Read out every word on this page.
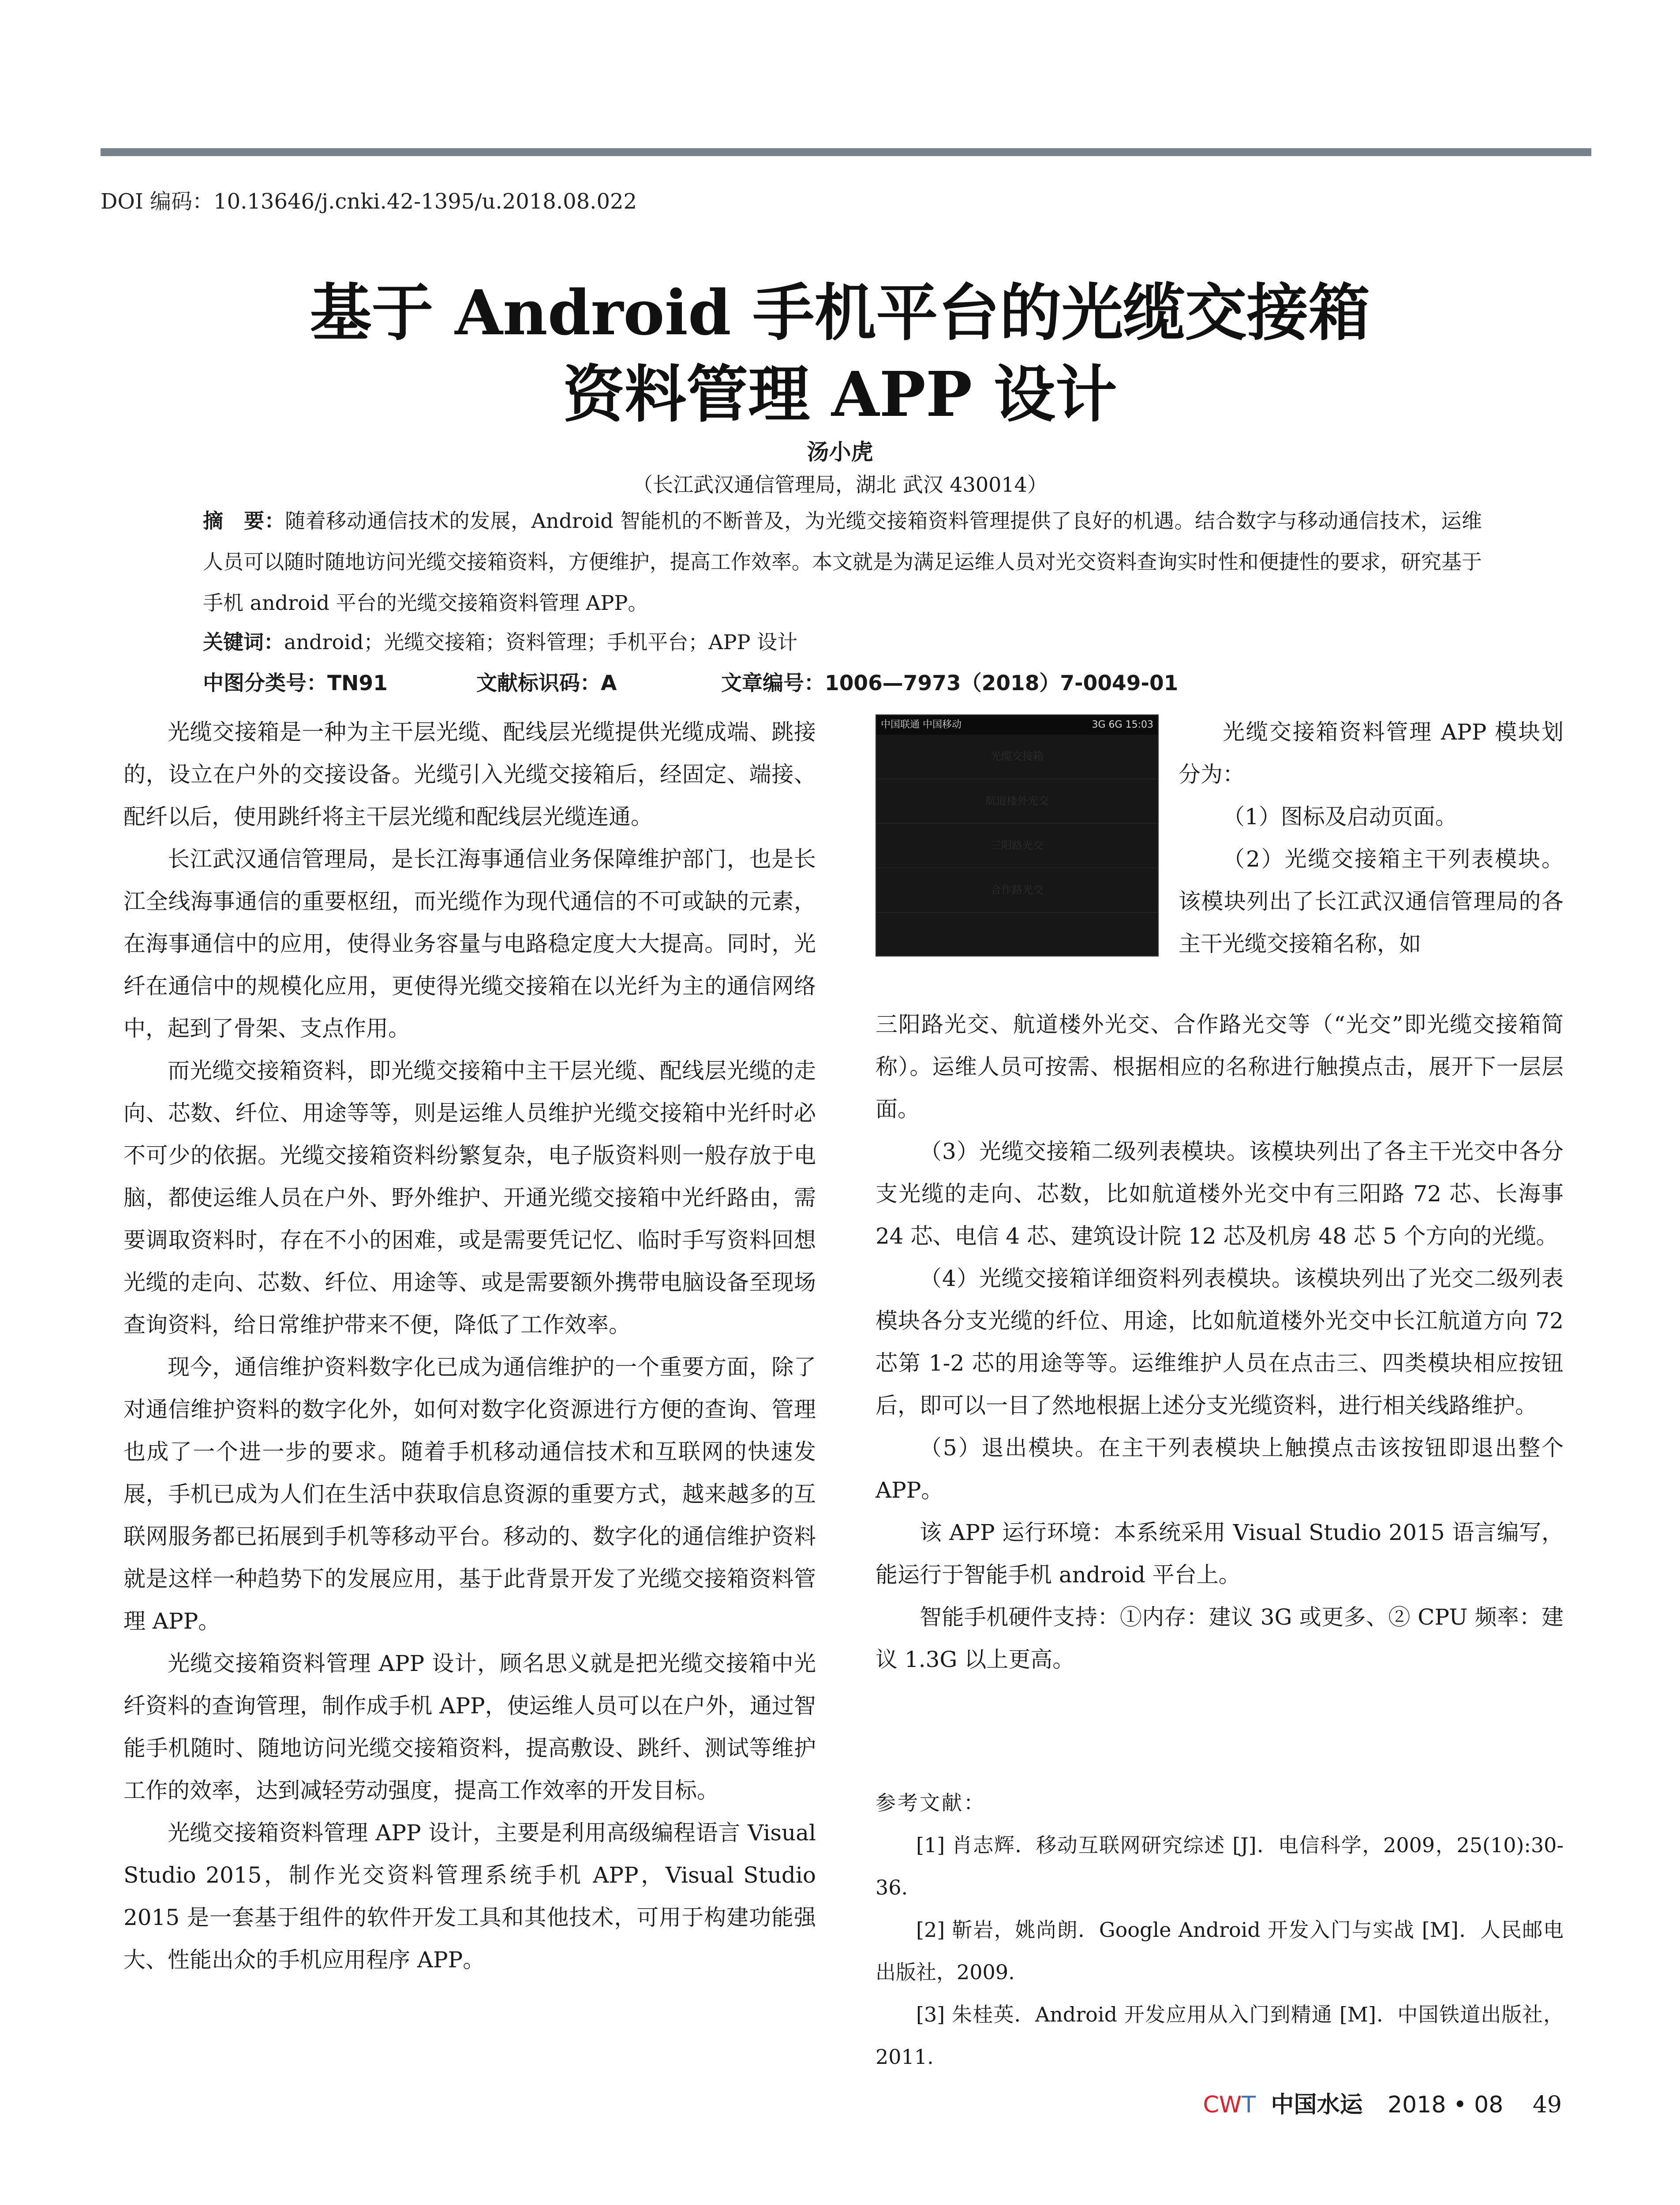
DOI 编码：10.13646/j.cnki.42-1395/u.2018.08.022
基于 Android 手机平台的光缆交接箱
资料管理 APP 设计
汤小虎
（长江武汉通信管理局，湖北 武汉 430014）
摘　要：随着移动通信技术的发展，Android 智能机的不断普及，为光缆交接箱资料管理提供了良好的机遇。结合数字与移动通信技术，运维人员可以随时随地访问光缆交接箱资料，方便维护，提高工作效率。本文就是为满足运维人员对光交资料查询实时性和便捷性的要求，研究基于手机 android 平台的光缆交接箱资料管理 APP。
关键词：android；光缆交接箱；资料管理；手机平台；APP 设计
中图分类号：TN91	文献标识码：A	文章编号：1006—7973（2018）7-0049-01

光缆交接箱是一种为主干层光缆、配线层光缆提供光缆成端、跳接的，设立在户外的交接设备。光缆引入光缆交接箱后，经固定、端接、配纤以后，使用跳纤将主干层光缆和配线层光缆连通。

长江武汉通信管理局，是长江海事通信业务保障维护部门，也是长江全线海事通信的重要枢纽，而光缆作为现代通信的不可或缺的元素，在海事通信中的应用，使得业务容量与电路稳定度大大提高。同时，光纤在通信中的规模化应用，更使得光缆交接箱在以光纤为主的通信网络中，起到了骨架、支点作用。

而光缆交接箱资料，即光缆交接箱中主干层光缆、配线层光缆的走向、芯数、纤位、用途等等，则是运维人员维护光缆交接箱中光纤时必不可少的依据。光缆交接箱资料纷繁复杂，电子版资料则一般存放于电脑，都使运维人员在户外、野外维护、开通光缆交接箱中光纤路由，需要调取资料时，存在不小的困难，或是需要凭记忆、临时手写资料回想光缆的走向、芯数、纤位、用途等、或是需要额外携带电脑设备至现场查询资料，给日常维护带来不便，降低了工作效率。

现今，通信维护资料数字化已成为通信维护的一个重要方面，除了对通信维护资料的数字化外，如何对数字化资源进行方便的查询、管理也成了一个进一步的要求。随着手机移动通信技术和互联网的快速发展，手机已成为人们在生活中获取信息资源的重要方式，越来越多的互联网服务都已拓展到手机等移动平台。移动的、数字化的通信维护资料就是这样一种趋势下的发展应用，基于此背景开发了光缆交接箱资料管理 APP。

光缆交接箱资料管理 APP 设计，顾名思义就是把光缆交接箱中光纤资料的查询管理，制作成手机 APP，使运维人员可以在户外，通过智能手机随时、随地访问光缆交接箱资料，提高敷设、跳纤、测试等维护工作的效率，达到减轻劳动强度，提高工作效率的开发目标。

光缆交接箱资料管理 APP 设计，主要是利用高级编程语言 Visual Studio 2015，制作光交资料管理系统手机 APP，Visual Studio 2015 是一套基于组件的软件开发工具和其他技术，可用于构建功能强大、性能出众的手机应用程序 APP。

中国联通 中国移动	3G 6G 15:03
光缆交接箱
航道楼外光交
三阳路光交
合作路光交

光缆交接箱资料管理 APP 模块划分为：

（1）图标及启动页面。

（2）光缆交接箱主干列表模块。该模块列出了长江武汉通信管理局的各主干光缆交接箱名称，如

三阳路光交、航道楼外光交、合作路光交等（“光交”即光缆交接箱简称）。运维人员可按需、根据相应的名称进行触摸点击，展开下一层层面。

（3）光缆交接箱二级列表模块。该模块列出了各主干光交中各分支光缆的走向、芯数，比如航道楼外光交中有三阳路 72 芯、长海事 24 芯、电信 4 芯、建筑设计院 12 芯及机房 48 芯 5 个方向的光缆。

（4）光缆交接箱详细资料列表模块。该模块列出了光交二级列表模块各分支光缆的纤位、用途，比如航道楼外光交中长江航道方向 72 芯第 1-2 芯的用途等等。运维维护人员在点击三、四类模块相应按钮后，即可以一目了然地根据上述分支光缆资料，进行相关线路维护。

（5）退出模块。在主干列表模块上触摸点击该按钮即退出整个 APP。

该 APP 运行环境：本系统采用 Visual Studio 2015 语言编写，能运行于智能手机 android 平台上。

智能手机硬件支持：①内存：建议 3G 或更多、② CPU 频率：建议 1.3G 以上更高。

参考文献：
[1] 肖志辉．移动互联网研究综述 [J]．电信科学，2009，25(10):30-36.
[2] 靳岩，姚尚朗．Google Android 开发入门与实战 [M]．人民邮电出版社，2009.
[3] 朱桂英．Android 开发应用从入门到精通 [M]．中国铁道出版社，2011.
CWT 中国水运 2018 • 08 49
